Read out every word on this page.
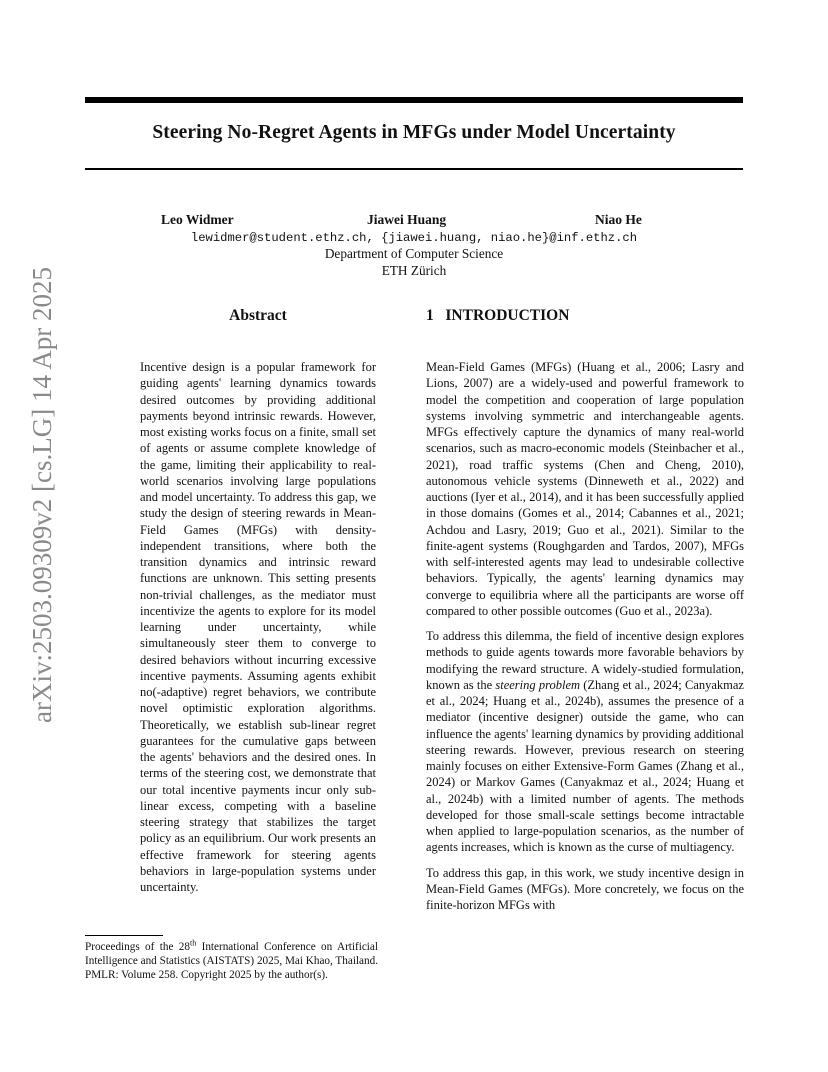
arXiv:2503.09309v2 [cs.LG] 14 Apr 2025
Steering No-Regret Agents in MFGs under Model Uncertainty
Leo Widmer	Jiawei Huang	Niao He
lewidmer@student.ethz.ch, {jiawei.huang, niao.he}@inf.ethz.ch
Department of Computer Science
ETH Zürich
Abstract

Incentive design is a popular framework for guiding agents' learning dynamics towards desired outcomes by providing additional payments beyond intrinsic rewards. However, most existing works focus on a finite, small set of agents or assume complete knowledge of the game, limiting their applicability to real-world scenarios involving large populations and model uncertainty. To address this gap, we study the design of steering rewards in Mean-Field Games (MFGs) with density-independent transitions, where both the transition dynamics and intrinsic reward functions are unknown. This setting presents non-trivial challenges, as the mediator must incentivize the agents to explore for its model learning under uncertainty, while simultaneously steer them to converge to desired behaviors without incurring excessive incentive payments. Assuming agents exhibit no(-adaptive) regret behaviors, we contribute novel optimistic exploration algorithms. Theoretically, we establish sub-linear regret guarantees for the cumulative gaps between the agents' behaviors and the desired ones. In terms of the steering cost, we demonstrate that our total incentive payments incur only sub-linear excess, competing with a baseline steering strategy that stabilizes the target policy as an equilibrium. Our work presents an effective framework for steering agents behaviors in large-population systems under uncertainty.

Proceedings of the 28th International Conference on Artificial Intelligence and Statistics (AISTATS) 2025, Mai Khao, Thailand. PMLR: Volume 258. Copyright 2025 by the author(s).
1 INTRODUCTION

Mean-Field Games (MFGs) (Huang et al., 2006; Lasry and Lions, 2007) are a widely-used and powerful framework to model the competition and cooperation of large population systems involving symmetric and interchangeable agents. MFGs effectively capture the dynamics of many real-world scenarios, such as macro-economic models (Steinbacher et al., 2021), road traffic systems (Chen and Cheng, 2010), autonomous vehicle systems (Dinneweth et al., 2022) and auctions (Iyer et al., 2014), and it has been successfully applied in those domains (Gomes et al., 2014; Cabannes et al., 2021; Achdou and Lasry, 2019; Guo et al., 2021). Similar to the finite-agent systems (Roughgarden and Tardos, 2007), MFGs with self-interested agents may lead to undesirable collective behaviors. Typically, the agents' learning dynamics may converge to equilibria where all the participants are worse off compared to other possible outcomes (Guo et al., 2023a).

To address this dilemma, the field of incentive design explores methods to guide agents towards more favorable behaviors by modifying the reward structure. A widely-studied formulation, known as the steering problem (Zhang et al., 2024; Canyakmaz et al., 2024; Huang et al., 2024b), assumes the presence of a mediator (incentive designer) outside the game, who can influence the agents' learning dynamics by providing additional steering rewards. However, previous research on steering mainly focuses on either Extensive-Form Games (Zhang et al., 2024) or Markov Games (Canyakmaz et al., 2024; Huang et al., 2024b) with a limited number of agents. The methods developed for those small-scale settings become intractable when applied to large-population scenarios, as the number of agents increases, which is known as the curse of multiagency.

To address this gap, in this work, we study incentive design in Mean-Field Games (MFGs). More concretely, we focus on the finite-horizon MFGs with
